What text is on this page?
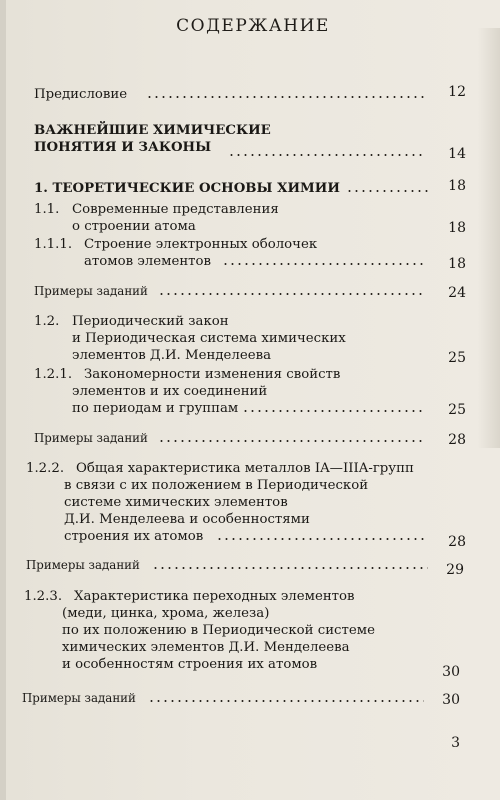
СОДЕРЖАНИЕ
Предисловие	12
ВАЖНЕЙШИЕ ХИМИЧЕСКИЕ
ПОНЯТИЯ И ЗАКОНЫ	14
1. ТЕОРЕТИЧЕСКИЕ ОСНОВЫ ХИМИИ	18
1.1. Современные представления
о строении атома	18
1.1.1. Строение электронных оболочек
атомов элементов	18
Примеры заданий	24
1.2. Периодический закон
и Периодическая система химических
элементов Д.И. Менделеева	25
1.2.1. Закономерности изменения свойств
элементов и их соединений
по периодам и группам	25
Примеры заданий	28
1.2.2. Общая характеристика металлов IA—IIIA-групп
в связи с их положением в Периодической
системе химических элементов
Д.И. Менделеева и особенностями
строения их атомов	28
Примеры заданий	29
1.2.3. Характеристика переходных элементов
(меди, цинка, хрома, железа)
по их положению в Периодической системе
химических элементов Д.И. Менделеева
и особенностям строения их атомов	30
Примеры заданий	30
3
